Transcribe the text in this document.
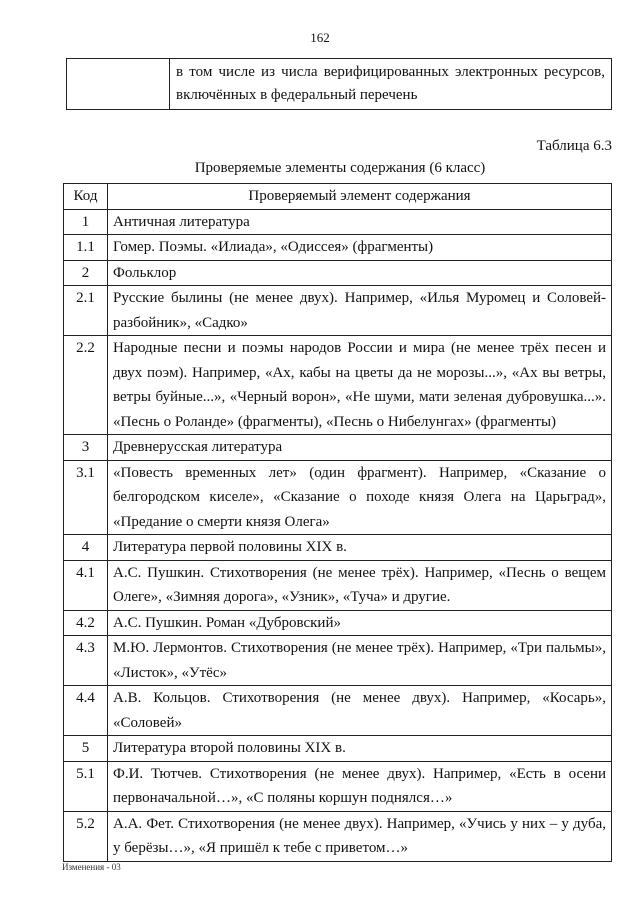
162
	в том числе из числа верифицированных электронных ресурсов, включённых в федеральный перечень
Таблица 6.3
Проверяемые элементы содержания (6 класс)
Код	Проверяемый элемент содержания
1	Античная литература
1.1	Гомер. Поэмы. «Илиада», «Одиссея» (фрагменты)
2	Фольклор
2.1	Русские былины (не менее двух). Например, «Илья Муромец и Соловей-разбойник», «Садко»
2.2	Народные песни и поэмы народов России и мира (не менее трёх песен и двух поэм). Например, «Ах, кабы на цветы да не морозы...», «Ах вы ветры, ветры буйные...», «Черный ворон», «Не шуми, мати зеленая дубровушка...». «Песнь о Роланде» (фрагменты), «Песнь о Нибелунгах» (фрагменты)
3	Древнерусская литература
3.1	«Повесть временных лет» (один фрагмент). Например, «Сказание о белгородском киселе», «Сказание о походе князя Олега на Царьград», «Предание о смерти князя Олега»
4	Литература первой половины XIX в.
4.1	А.С. Пушкин. Стихотворения (не менее трёх). Например, «Песнь о вещем Олеге», «Зимняя дорога», «Узник», «Туча» и другие.
4.2	А.С. Пушкин. Роман «Дубровский»
4.3	М.Ю. Лермонтов. Стихотворения (не менее трёх). Например, «Три пальмы», «Листок», «Утёс»
4.4	А.В. Кольцов. Стихотворения (не менее двух). Например, «Косарь», «Соловей»
5	Литература второй половины XIX в.
5.1	Ф.И. Тютчев. Стихотворения (не менее двух). Например, «Есть в осени первоначальной…», «С поляны коршун поднялся…»
5.2	А.А. Фет. Стихотворения (не менее двух). Например, «Учись у них – у дуба, у берёзы…», «Я пришёл к тебе с приветом…»
Изменения - 03
